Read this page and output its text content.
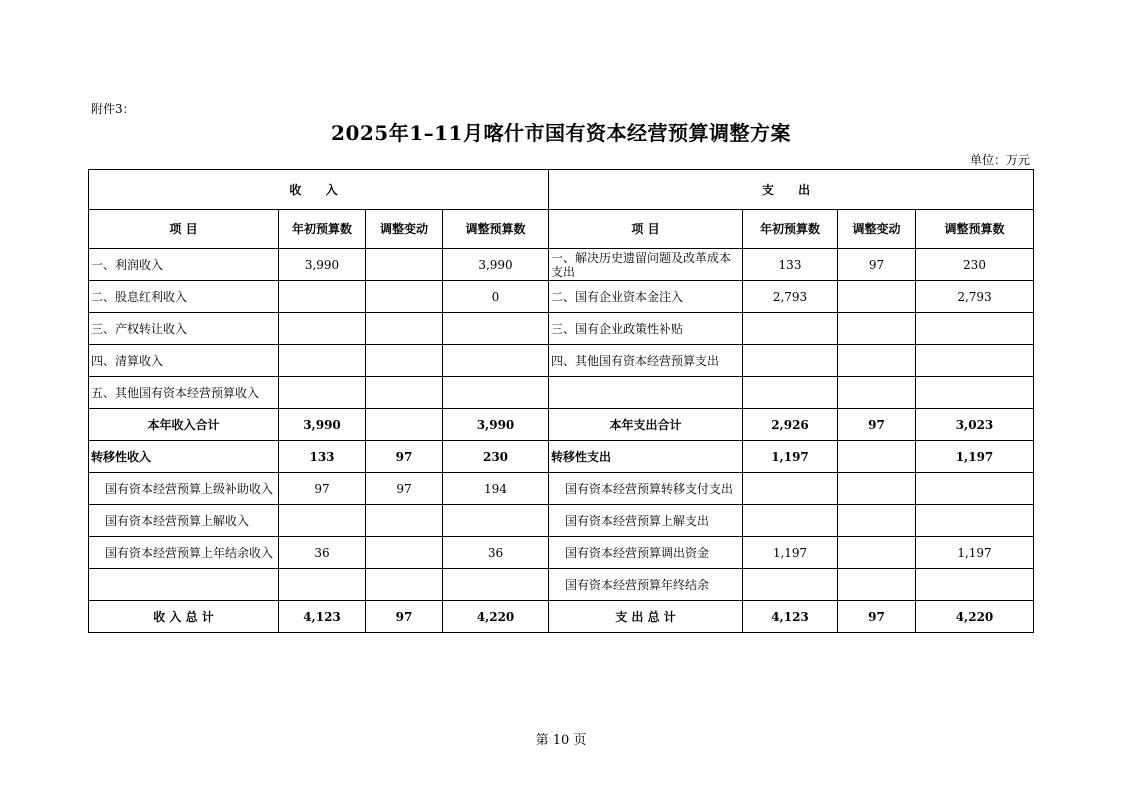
附件3：
2025年1–11月喀什市国有资本经营预算调整方案
单位：万元
收 入				支 出			
项 目	年初预算数	调整变动	调整预算数	项 目	年初预算数	调整变动	调整预算数
一、利润收入	3,990		3,990	一、解决历史遗留问题及改革成本支出	133	97	230
二、股息红利收入			0	二、国有企业资本金注入	2,793		2,793
三、产权转让收入				三、国有企业政策性补贴			
四、清算收入				四、其他国有资本经营预算支出			
五、其他国有资本经营预算收入							
本年收入合计	3,990		3,990	本年支出合计	2,926	97	3,023
转移性收入	133	97	230	转移性支出	1,197		1,197
国有资本经营预算上级补助收入	97	97	194	国有资本经营预算转移支付支出			
国有资本经营预算上解收入				国有资本经营预算上解支出			
国有资本经营预算上年结余收入	36		36	国有资本经营预算调出资金	1,197		1,197
				国有资本经营预算年终结余			
收 入 总 计	4,123	97	4,220	支 出 总 计	4,123	97	4,220
第 10 页
